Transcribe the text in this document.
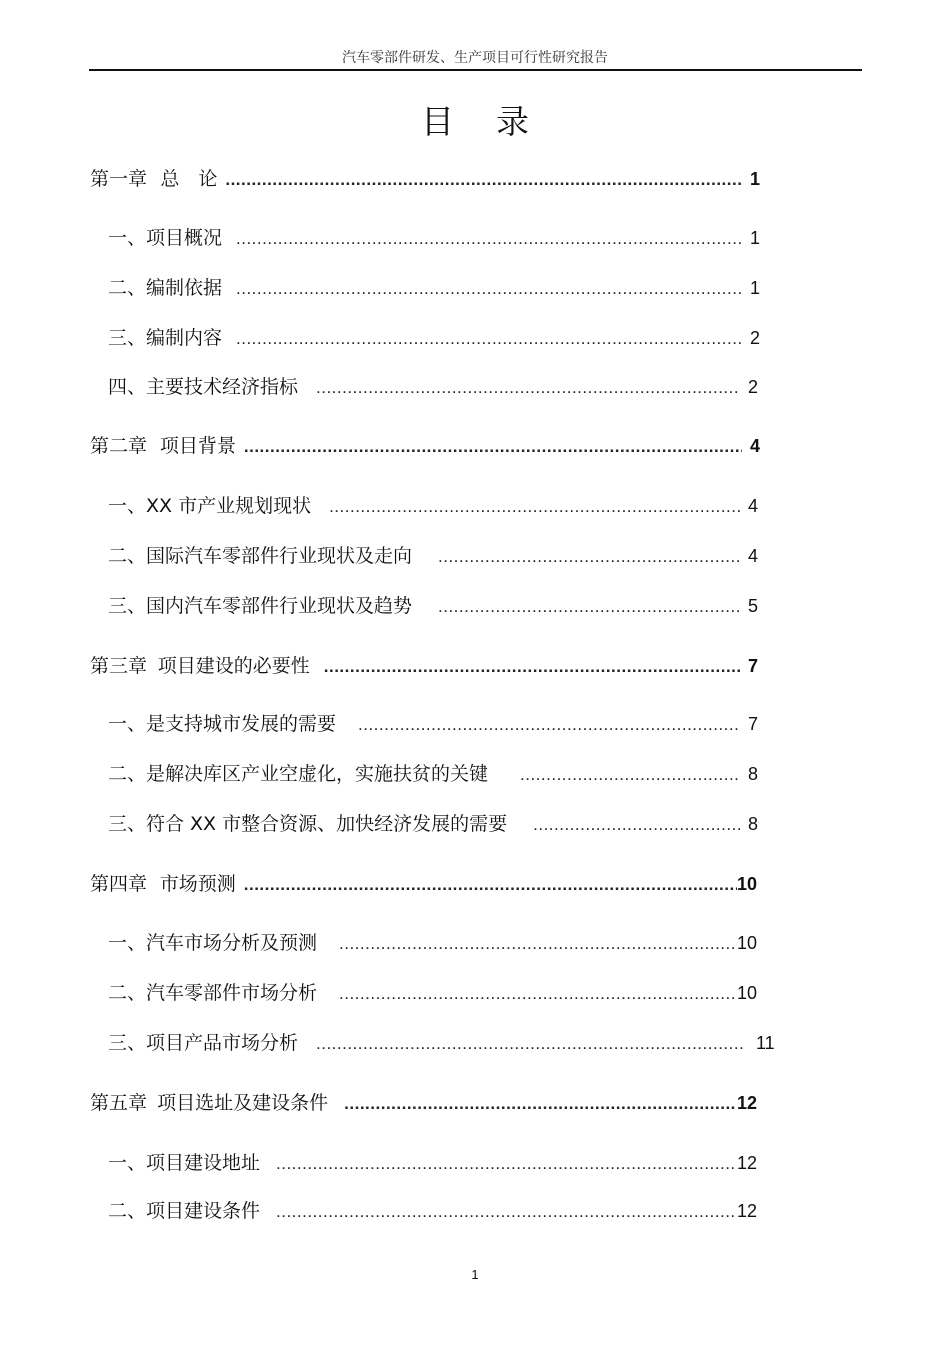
汽车零部件研发、生产项目可行性研究报告
目录
第一章 总　论 .....	1
一、项目概况 .....	1
二、编制依据 .....	1
三、编制内容 .....	2
四、主要技术经济指标 .....	2
第二章 项目背景 .....	4
一、XX 市产业规划现状 .....	4
二、国际汽车零部件行业现状及走向 .....	4
三、国内汽车零部件行业现状及趋势 .....	5
第三章 项目建设的必要性 .....	7
一、是支持城市发展的需要 .....	7
二、是解决库区产业空虚化，实施扶贫的关键 .....	8
三、符合 XX 市整合资源、加快经济发展的需要 .....	8
第四章 市场预测 .....	10
一、汽车市场分析及预测 .....	10
二、汽车零部件市场分析 .....	10
三、项目产品市场分析 .....	11
第五章 项目选址及建设条件 .....	12
一、项目建设地址 .....	12
二、项目建设条件 .....	12
1
